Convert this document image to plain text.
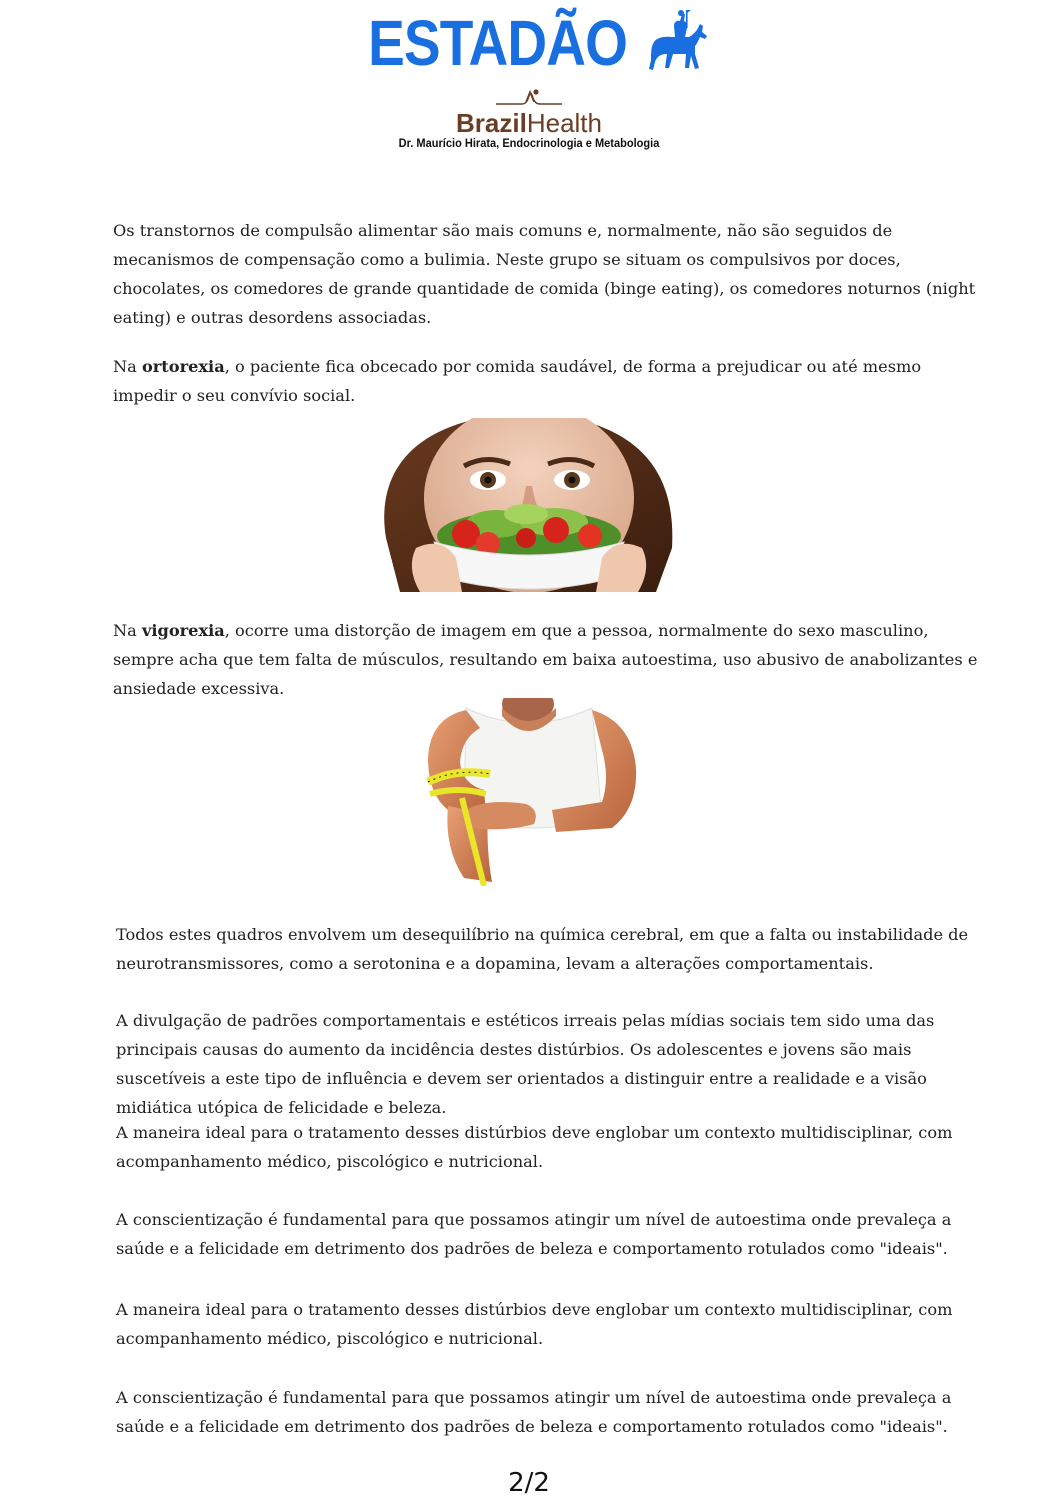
ESTADÃO
BrazilHealth
Dr. Maurício Hirata, Endocrinologia e Metabologia

Os transtornos de compulsão alimentar são mais comuns e, normalmente, não são seguidos de mecanismos de compensação como a bulimia. Neste grupo se situam os compulsivos por doces, chocolates, os comedores de grande quantidade de comida (binge eating), os comedores noturnos (night eating) e outras desordens associadas.

Na ortorexia, o paciente fica obcecado por comida saudável, de forma a prejudicar ou até mesmo impedir o seu convívio social.

Na vigorexia, ocorre uma distorção de imagem em que a pessoa, normalmente do sexo masculino, sempre acha que tem falta de músculos, resultando em baixa autoestima, uso abusivo de anabolizantes e ansiedade excessiva.

Todos estes quadros envolvem um desequilíbrio na química cerebral, em que a falta ou instabilidade de neurotransmissores, como a serotonina e a dopamina, levam a alterações comportamentais.

A divulgação de padrões comportamentais e estéticos irreais pelas mídias sociais tem sido uma das principais causas do aumento da incidência destes distúrbios. Os adolescentes e jovens são mais suscetíveis a este tipo de influência e devem ser orientados a distinguir entre a realidade e a visão midiática utópica de felicidade e beleza.

A maneira ideal para o tratamento desses distúrbios deve englobar um contexto multidisciplinar, com acompanhamento médico, piscológico e nutricional.

A conscientização é fundamental para que possamos atingir um nível de autoestima onde prevaleça a saúde e a felicidade em detrimento dos padrões de beleza e comportamento rotulados como "ideais".

A maneira ideal para o tratamento desses distúrbios deve englobar um contexto multidisciplinar, com acompanhamento médico, piscológico e nutricional.

A conscientização é fundamental para que possamos atingir um nível de autoestima onde prevaleça a saúde e a felicidade em detrimento dos padrões de beleza e comportamento rotulados como "ideais".

2/2
